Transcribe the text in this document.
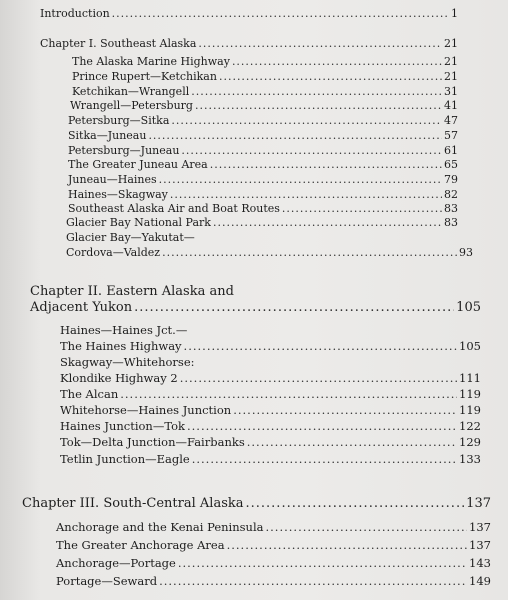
Introduction .....	1
Chapter I. Southeast Alaska .....	21
The Alaska Marine Highway .....	21
Prince Rupert—Ketchikan .....	21
Ketchikan—Wrangell .....	31
Wrangell—Petersburg .....	41
Petersburg—Sitka .....	47
Sitka—Juneau .....	57
Petersburg—Juneau .....	61
The Greater Juneau Area .....	65
Juneau—Haines .....	79
Haines—Skagway .....	82
Southeast Alaska Air and Boat Routes .....	83
Glacier Bay National Park .....	83
Glacier Bay—Yakutat—
Cordova—Valdez .....	93
Chapter II. Eastern Alaska and
Adjacent Yukon .....	105
Haines—Haines Jct.—
The Haines Highway .....	105
Skagway—Whitehorse:
Klondike Highway 2 .....	111
The Alcan .....	119
Whitehorse—Haines Junction .....	119
Haines Junction—Tok .....	122
Tok—Delta Junction—Fairbanks .....	129
Tetlin Junction—Eagle .....	133
Chapter III. South-Central Alaska .....	137
Anchorage and the Kenai Peninsula .....	137
The Greater Anchorage Area .....	137
Anchorage—Portage .....	143
Portage—Seward .....	149
